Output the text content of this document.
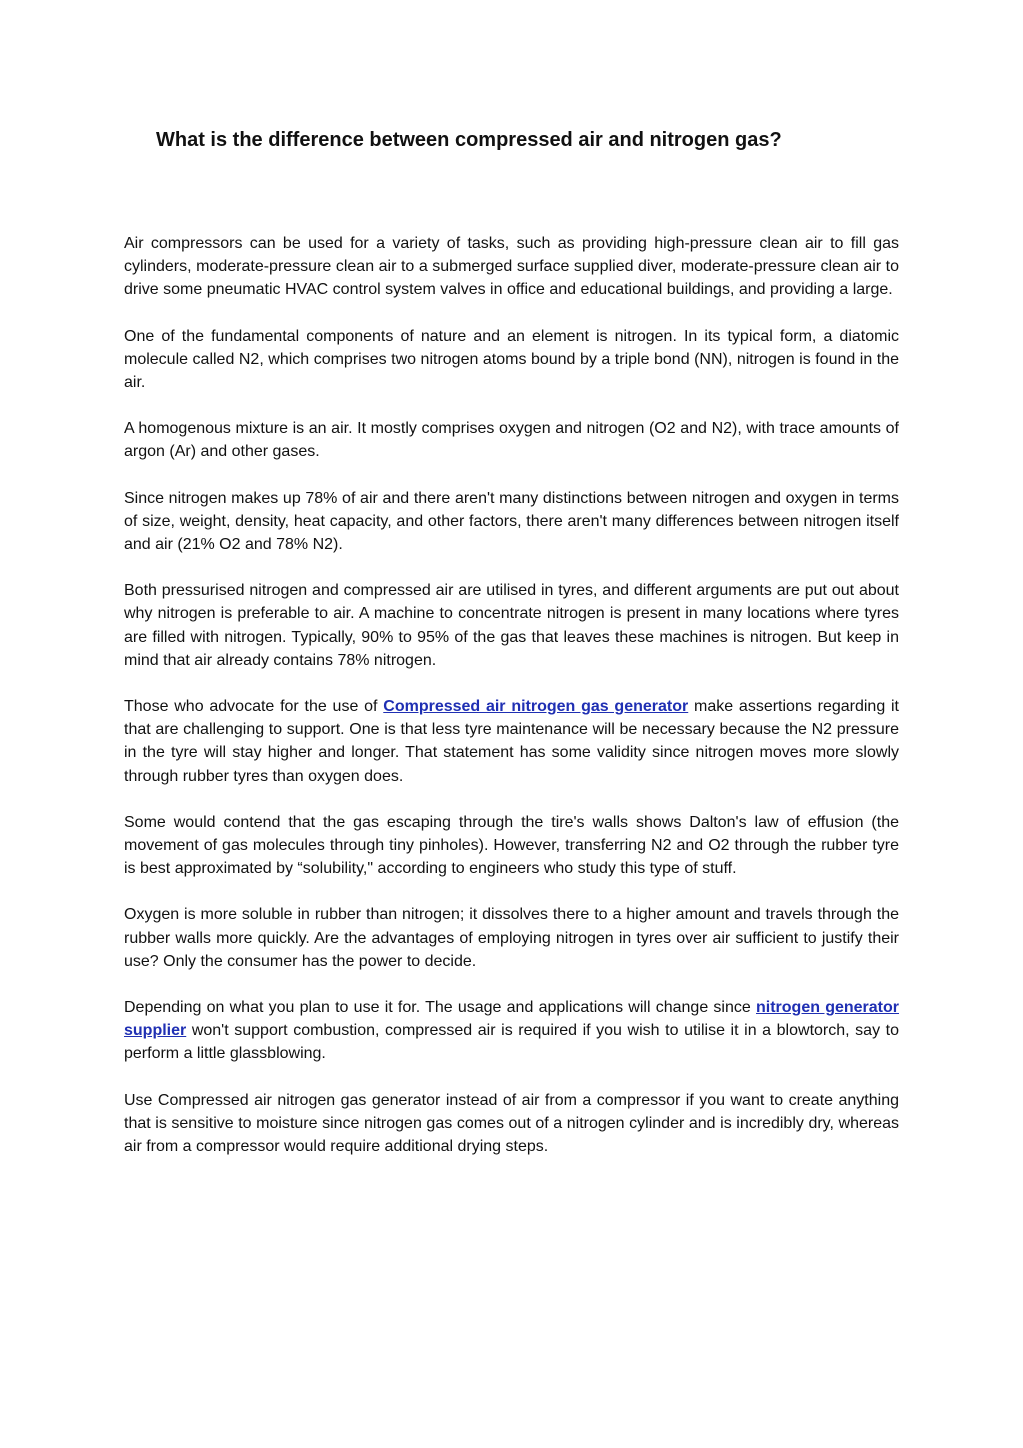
What is the difference between compressed air and nitrogen gas?

Air compressors can be used for a variety of tasks, such as providing high-pressure clean air to fill gas cylinders, moderate-pressure clean air to a submerged surface supplied diver, moderate-pressure clean air to drive some pneumatic HVAC control system valves in office and educational buildings, and providing a large.

One of the fundamental components of nature and an element is nitrogen. In its typical form, a diatomic molecule called N2, which comprises two nitrogen atoms bound by a triple bond (NN), nitrogen is found in the air.

A homogenous mixture is an air. It mostly comprises oxygen and nitrogen (O2 and N2), with trace amounts of argon (Ar) and other gases.

Since nitrogen makes up 78% of air and there aren't many distinctions between nitrogen and oxygen in terms of size, weight, density, heat capacity, and other factors, there aren't many differences between nitrogen itself and air (21% O2 and 78% N2).

Both pressurised nitrogen and compressed air are utilised in tyres, and different arguments are put out about why nitrogen is preferable to air. A machine to concentrate nitrogen is present in many locations where tyres are filled with nitrogen. Typically, 90% to 95% of the gas that leaves these machines is nitrogen. But keep in mind that air already contains 78% nitrogen.

Those who advocate for the use of Compressed air nitrogen gas generator make assertions regarding it that are challenging to support. One is that less tyre maintenance will be necessary because the N2 pressure in the tyre will stay higher and longer. That statement has some validity since nitrogen moves more slowly through rubber tyres than oxygen does.

Some would contend that the gas escaping through the tire's walls shows Dalton's law of effusion (the movement of gas molecules through tiny pinholes). However, transferring N2 and O2 through the rubber tyre is best approximated by “solubility," according to engineers who study this type of stuff.

Oxygen is more soluble in rubber than nitrogen; it dissolves there to a higher amount and travels through the rubber walls more quickly. Are the advantages of employing nitrogen in tyres over air sufficient to justify their use? Only the consumer has the power to decide.

Depending on what you plan to use it for. The usage and applications will change since nitrogen generator supplier won't support combustion, compressed air is required if you wish to utilise it in a blowtorch, say to perform a little glassblowing.

Use Compressed air nitrogen gas generator instead of air from a compressor if you want to create anything that is sensitive to moisture since nitrogen gas comes out of a nitrogen cylinder and is incredibly dry, whereas air from a compressor would require additional drying steps.
